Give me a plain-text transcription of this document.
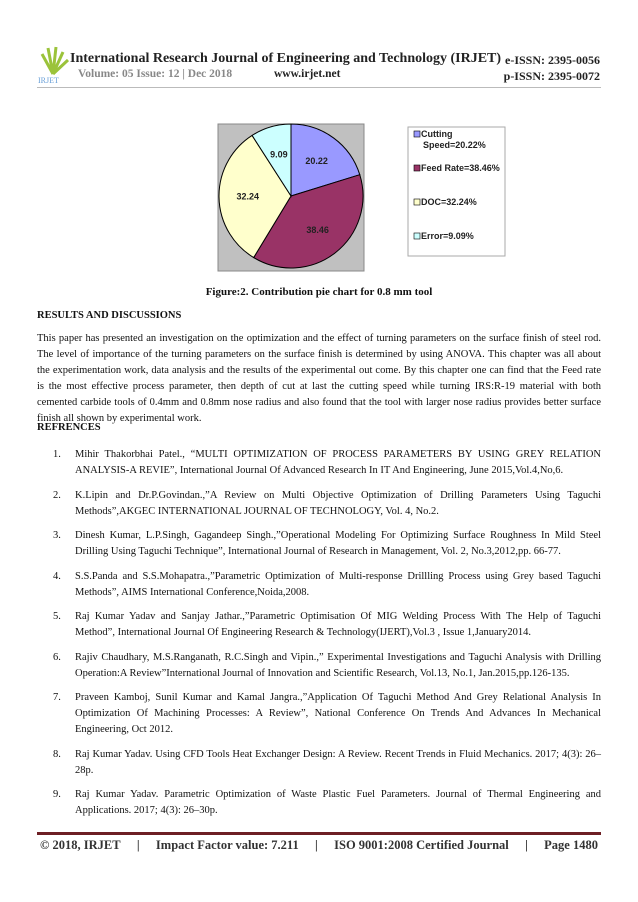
IRJET
International Research Journal of Engineering and Technology (IRJET) e-ISSN: 2395-0056
Volume: 05 Issue: 12 | Dec 2018	www.irjet.net	p-ISSN: 2395-0072
20.22
38.46
32.24
9.09
Cutting
Speed=20.22%
Feed Rate=38.46%
DOC=32.24%
Error=9.09%
Figure:2. Contribution pie chart for 0.8 mm tool
RESULTS AND DISCUSSIONS
This paper has presented an investigation on the optimization and the effect of turning parameters on the surface finish of steel rod. The level of importance of the turning parameters on the surface finish is determined by using ANOVA. This chapter was all about the experimentation work, data analysis and the results of the experimental out come. By this chapter one can find that the Feed rate is the most effective process parameter, then depth of cut at last the cutting speed while turning IRS:R-19 material with both cemented carbide tools of 0.4mm and 0.8mm nose radius and also found that the tool with larger nose radius provides better surface finish all shown by experimental work.
REFRENCES
1.	Mihir Thakorbhai Patel., “MULTI OPTIMIZATION OF PROCESS PARAMETERS BY USING GREY RELATION ANALYSIS-A REVIE”, International Journal Of Advanced Research In IT And Engineering, June 2015,Vol.4,No,6.
2.	K.Lipin and Dr.P.Govindan.,”A Review on Multi Objective Optimization of Drilling Parameters Using Taguchi Methods”,AKGEC INTERNATIONAL JOURNAL OF TECHNOLOGY, Vol. 4, No.2.
3.	Dinesh Kumar, L.P.Singh, Gagandeep Singh.,”Operational Modeling For Optimizing Surface Roughness In Mild Steel Drilling Using Taguchi Technique”, International Journal of Research in Management, Vol. 2, No.3,2012,pp. 66-77.
4.	S.S.Panda and S.S.Mohapatra.,”Parametric Optimization of Multi-response Drillling Process using Grey based Taguchi Methods”, AIMS International Conference,Noida,2008.
5.	Raj Kumar Yadav and Sanjay Jathar.,”Parametric Optimisation Of MIG Welding Process With The Help of Taguchi Method”, International Journal Of Engineering Research & Technology(IJERT),Vol.3 , Issue 1,January2014.
6.	Rajiv Chaudhary, M.S.Ranganath, R.C.Singh and Vipin.,” Experimental Investigations and Taguchi Analysis with Drilling Operation:A Review”International Journal of Innovation and Scientific Research, Vol.13, No.1, Jan.2015,pp.126-135.
7.	Praveen Kamboj, Sunil Kumar and Kamal Jangra.,”Application Of Taguchi Method And Grey Relational Analysis In Optimization Of Machining Processes: A Review”, National Conference On Trends And Advances In Mechanical Engineering, Oct 2012.
8.	Raj Kumar Yadav. Using CFD Tools Heat Exchanger Design: A Review. Recent Trends in Fluid Mechanics. 2017; 4(3): 26–28p.
9.	Raj Kumar Yadav. Parametric Optimization of Waste Plastic Fuel Parameters. Journal of Thermal Engineering and Applications. 2017; 4(3): 26–30p.
© 2018, IRJET | Impact Factor value: 7.211 | ISO 9001:2008 Certified Journal | Page 1480
